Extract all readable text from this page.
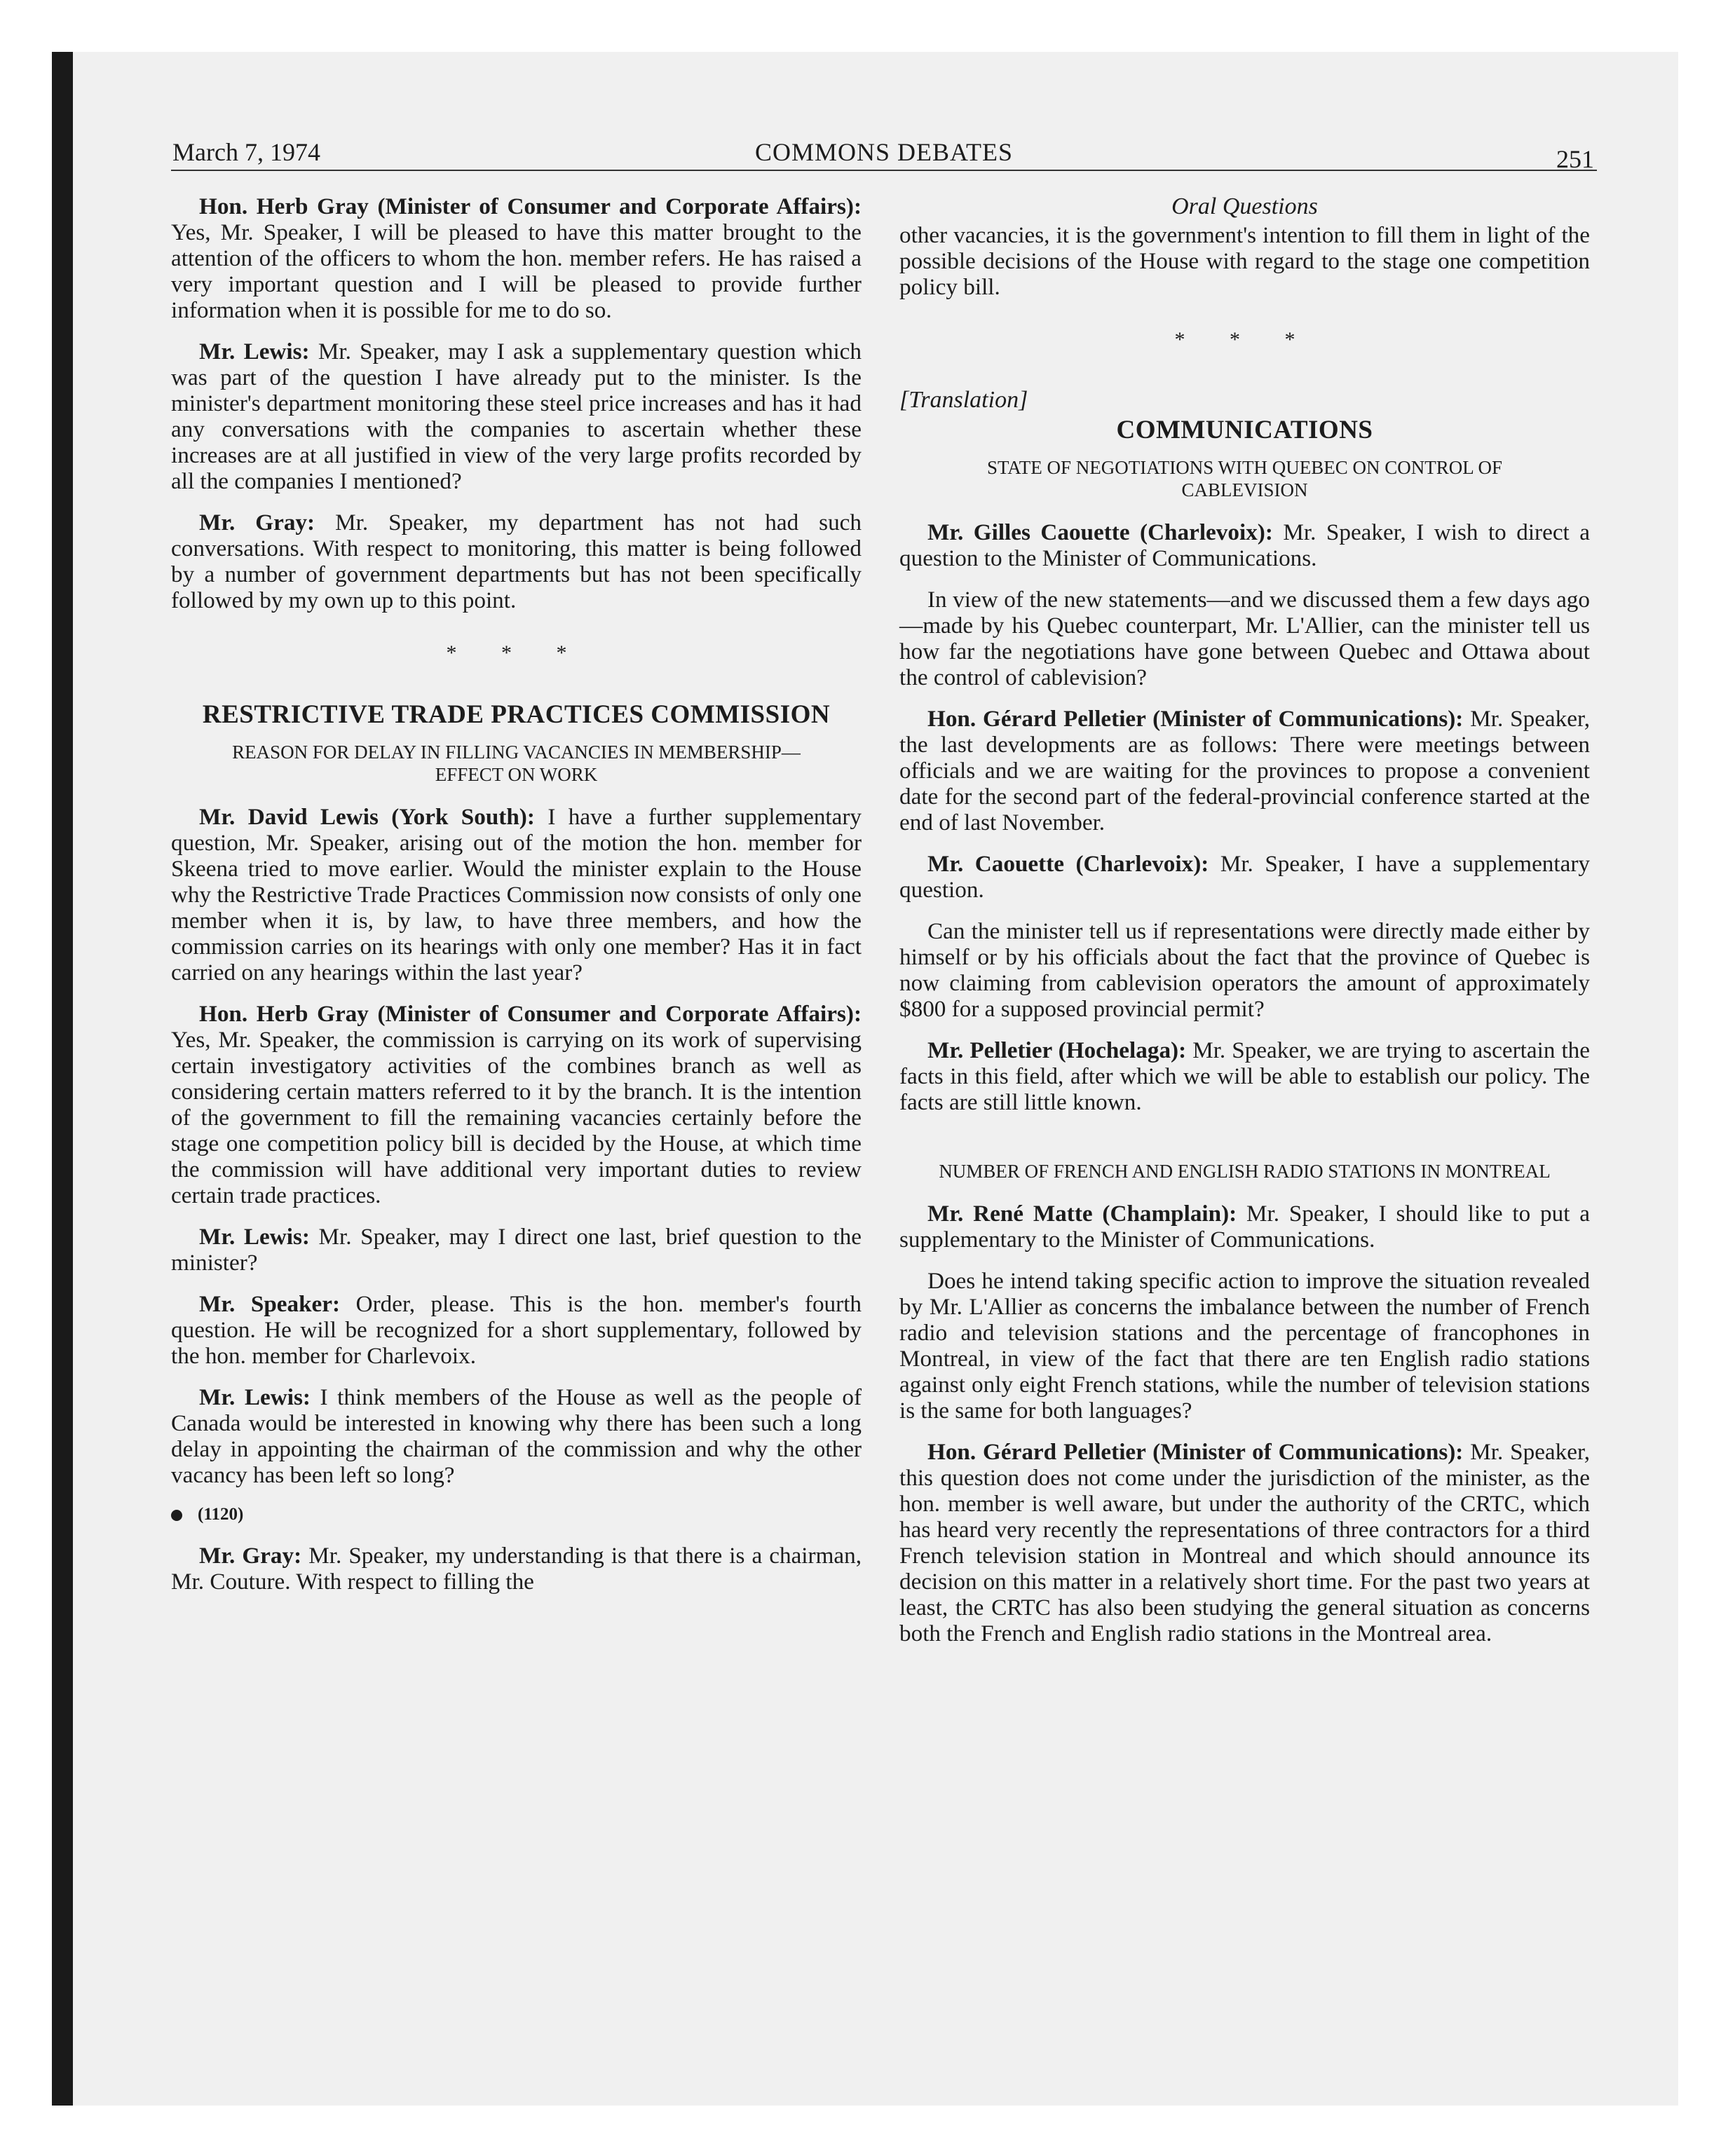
March 7, 1974	COMMONS DEBATES	251

Hon. Herb Gray (Minister of Consumer and Corporate Affairs): Yes, Mr. Speaker, I will be pleased to have this matter brought to the attention of the officers to whom the hon. member refers. He has raised a very important question and I will be pleased to provide further information when it is possible for me to do so.

Mr. Lewis: Mr. Speaker, may I ask a supplementary question which was part of the question I have already put to the minister. Is the minister's department monitoring these steel price increases and has it had any conversations with the companies to ascertain whether these increases are at all justified in view of the very large profits recorded by all the companies I mentioned?

Mr. Gray: Mr. Speaker, my department has not had such conversations. With respect to monitoring, this matter is being followed by a number of government departments but has not been specifically followed by my own up to this point.

* * *
RESTRICTIVE TRADE PRACTICES COMMISSION
REASON FOR DELAY IN FILLING VACANCIES IN MEMBERSHIP—EFFECT ON WORK

Mr. David Lewis (York South): I have a further supplementary question, Mr. Speaker, arising out of the motion the hon. member for Skeena tried to move earlier. Would the minister explain to the House why the Restrictive Trade Practices Commission now consists of only one member when it is, by law, to have three members, and how the commission carries on its hearings with only one member? Has it in fact carried on any hearings within the last year?

Hon. Herb Gray (Minister of Consumer and Corporate Affairs): Yes, Mr. Speaker, the commission is carrying on its work of supervising certain investigatory activities of the combines branch as well as considering certain matters referred to it by the branch. It is the intention of the government to fill the remaining vacancies certainly before the stage one competition policy bill is decided by the House, at which time the commission will have additional very important duties to review certain trade practices.

Mr. Lewis: Mr. Speaker, may I direct one last, brief question to the minister?

Mr. Speaker: Order, please. This is the hon. member's fourth question. He will be recognized for a short supplementary, followed by the hon. member for Charlevoix.

Mr. Lewis: I think members of the House as well as the people of Canada would be interested in knowing why there has been such a long delay in appointing the chairman of the commission and why the other vacancy has been left so long?

(1120)

Mr. Gray: Mr. Speaker, my understanding is that there is a chairman, Mr. Couture. With respect to filling the

Oral Questions

other vacancies, it is the government's intention to fill them in light of the possible decisions of the House with regard to the stage one competition policy bill.

* * *
[Translation]
COMMUNICATIONS
STATE OF NEGOTIATIONS WITH QUEBEC ON CONTROL OF CABLEVISION

Mr. Gilles Caouette (Charlevoix): Mr. Speaker, I wish to direct a question to the Minister of Communications.

In view of the new statements—and we discussed them a few days ago—made by his Quebec counterpart, Mr. L'Allier, can the minister tell us how far the negotiations have gone between Quebec and Ottawa about the control of cablevision?

Hon. Gérard Pelletier (Minister of Communications): Mr. Speaker, the last developments are as follows: There were meetings between officials and we are waiting for the provinces to propose a convenient date for the second part of the federal-provincial conference started at the end of last November.

Mr. Caouette (Charlevoix): Mr. Speaker, I have a supplementary question.

Can the minister tell us if representations were directly made either by himself or by his officials about the fact that the province of Quebec is now claiming from cablevision operators the amount of approximately $800 for a supposed provincial permit?

Mr. Pelletier (Hochelaga): Mr. Speaker, we are trying to ascertain the facts in this field, after which we will be able to establish our policy. The facts are still little known.

NUMBER OF FRENCH AND ENGLISH RADIO STATIONS IN MONTREAL

Mr. René Matte (Champlain): Mr. Speaker, I should like to put a supplementary to the Minister of Communications.

Does he intend taking specific action to improve the situation revealed by Mr. L'Allier as concerns the imbalance between the number of French radio and television stations and the percentage of francophones in Montreal, in view of the fact that there are ten English radio stations against only eight French stations, while the number of television stations is the same for both languages?

Hon. Gérard Pelletier (Minister of Communications): Mr. Speaker, this question does not come under the jurisdiction of the minister, as the hon. member is well aware, but under the authority of the CRTC, which has heard very recently the representations of three contractors for a third French television station in Montreal and which should announce its decision on this matter in a relatively short time. For the past two years at least, the CRTC has also been studying the general situation as concerns both the French and English radio stations in the Montreal area.
